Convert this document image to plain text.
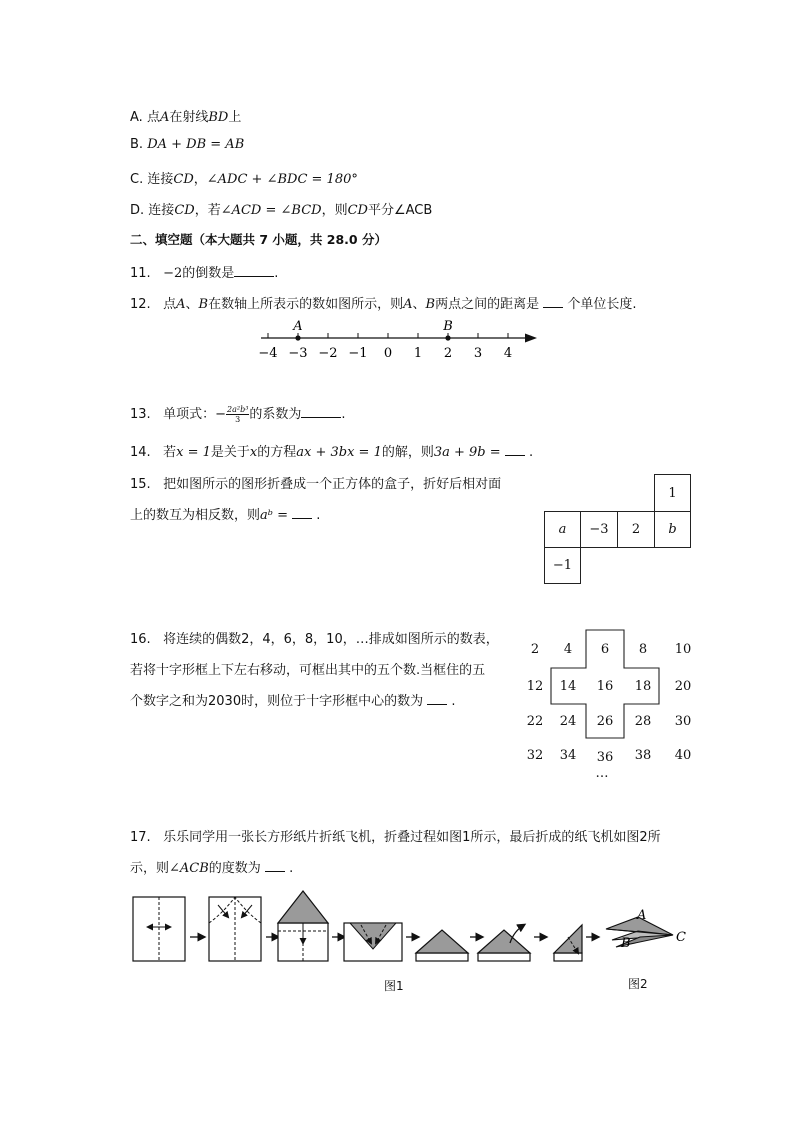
A. 点A在射线BD上
B. DA + DB = AB
C. 连接CD，∠ADC + ∠BDC = 180°
D. 连接CD，若∠ACD = ∠BCD，则CD平分∠ACB
二、填空题（本大题共 7 小题，共 28.0 分）
11. −2的倒数是	.
12. 点A、B在数轴上所表示的数如图所示，则A、B两点之间的距离是 个单位长度.
−4 −3 −2 −1 0 1 2 3 4
A	B
13. 单项式：− $\frac{\text{2a²b³}}{3}$ 的系数为	.
14. 若x = 1是关于x的方程ax + 3bx = 1的解，则3a + 9b = .
15. 把如图所示的图形折叠成一个正方体的盒子，折好后相对面
上的数互为相反数，则aᵇ = .
1
a	−3	2	b
−1
16. 将连续的偶数2，4，6，8，10，…排成如图所示的数表，
若将十字形框上下左右移动，可框出其中的五个数.当框住的五
个数字之和为2030时，则位于十字形框中心的数为 .
2	4	6	8	10
12	14	16	18	20
22	24	26	28	30
32	34	36	38	40
…
17. 乐乐同学用一张长方形纸片折纸飞机，折叠过程如图1所示，最后折成的纸飞机如图2所
示，则∠ACB的度数为 .
A
B	C
图1	图2
